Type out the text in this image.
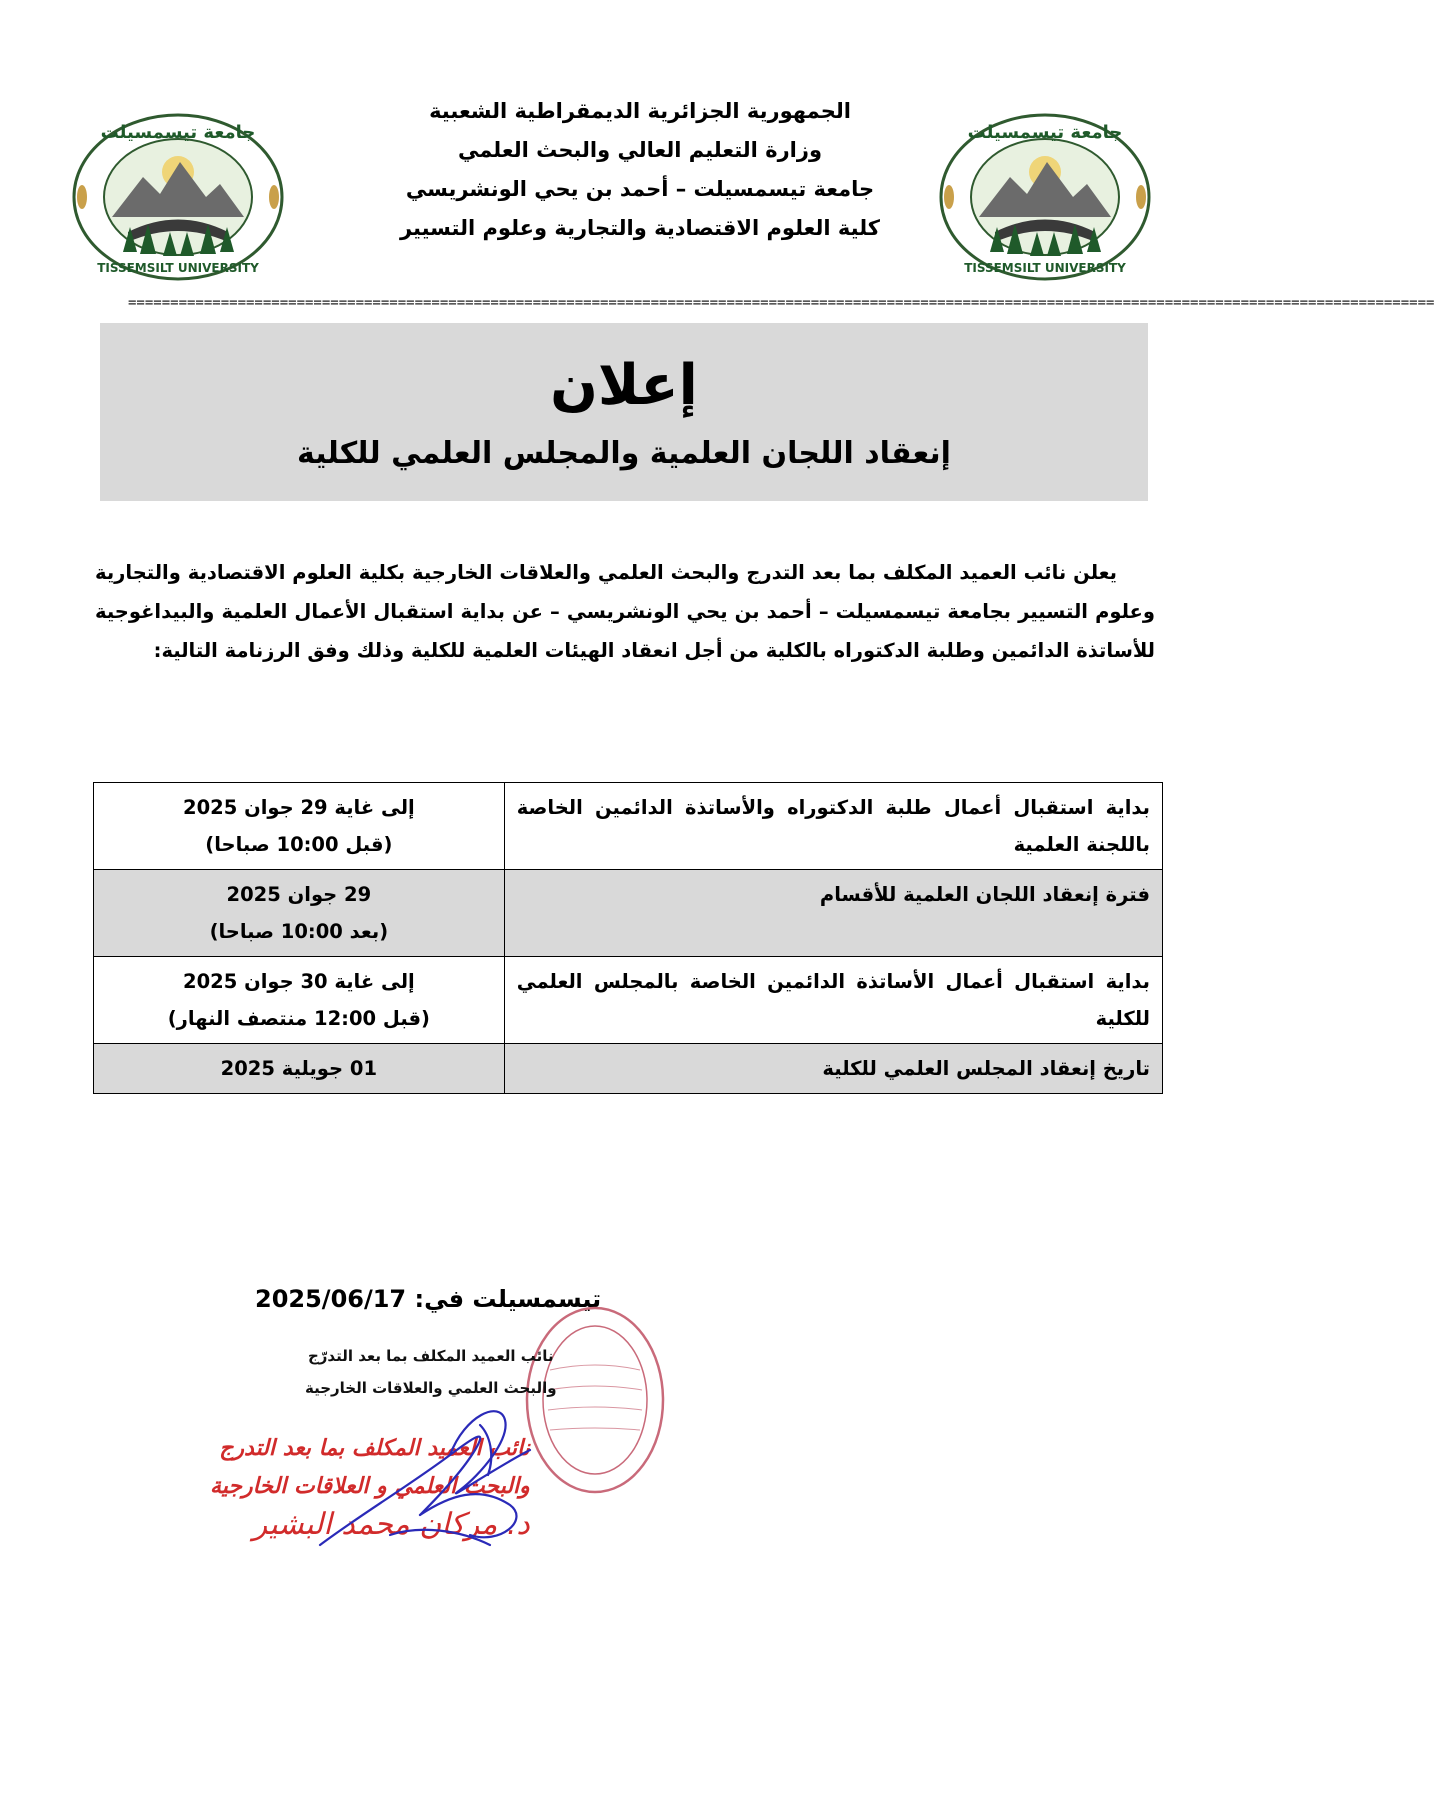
جامعة تيسمسيلت
TISSEMSILT UNIVERSITY
جامعة تيسمسيلت
TISSEMSILT UNIVERSITY
الجمهورية الجزائرية الديمقراطية الشعبية
وزارة التعليم العالي والبحث العلمي
جامعة تيسمسيلت – أحمد بن يحي الونشريسي
كلية العلوم الاقتصادية والتجارية وعلوم التسيير
===========================================================================================================================================================
إعلان
إنعقاد اللجان العلمية والمجلس العلمي للكلية
يعلن نائب العميد المكلف بما بعد التدرج والبحث العلمي والعلاقات الخارجية بكلية العلوم الاقتصادية والتجارية وعلوم التسيير بجامعة تيسمسيلت – أحمد بن يحي الونشريسي – عن بداية استقبال الأعمال العلمية والبيداغوجية للأساتذة الدائمين وطلبة الدكتوراه بالكلية من أجل انعقاد الهيئات العلمية للكلية وذلك وفق الرزنامة التالية:
بداية استقبال أعمال طلبة الدكتوراه والأساتذة الدائمين الخاصة باللجنة العلمية	إلى غاية 29 جوان 2025
(قبل 10:00 صباحا)

فترة إنعقاد اللجان العلمية للأقسام	29 جوان 2025
(بعد 10:00 صباحا)

بداية استقبال أعمال الأساتذة الدائمين الخاصة بالمجلس العلمي للكلية	إلى غاية 30 جوان 2025
(قبل 12:00 منتصف النهار)

تاريخ إنعقاد المجلس العلمي للكلية	01 جويلية 2025
تيسمسيلت في: 2025/06/17
نائب العميد المكلف بما بعد التدرّج
والبحث العلمي والعلاقات الخارجية
نائب العميد المكلف بما بعد التدرج
والبحث العلمي و العلاقات الخارجية
د. مركان محمد البشير
